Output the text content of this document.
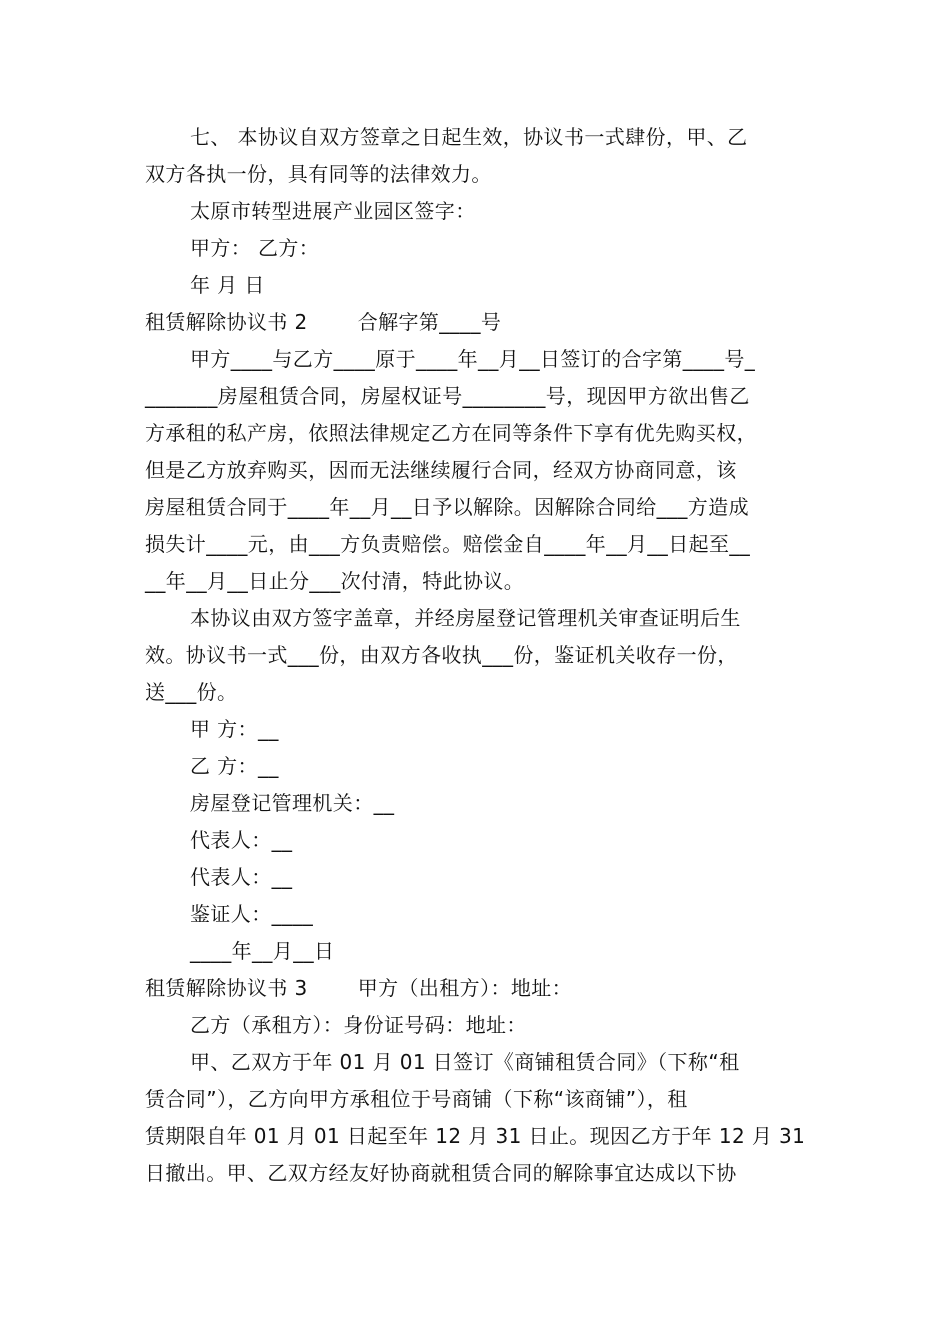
七、 本协议自双方签章之日起生效，协议书一式肆份，甲、乙
双方各执一份，具有同等的法律效力。
太原市转型进展产业园区签字：
甲方： 乙方：
年 月 日
租赁解除协议书 2	合解字第____号
甲方____与乙方____原于____年__月__日签订的合字第____号_
_______房屋租赁合同，房屋权证号________号，现因甲方欲出售乙
方承租的私产房，依照法律规定乙方在同等条件下享有优先购买权，
但是乙方放弃购买，因而无法继续履行合同，经双方协商同意，该
房屋租赁合同于____年__月__日予以解除。因解除合同给___方造成
损失计____元，由___方负责赔偿。赔偿金自____年__月__日起至__
__年__月__日止分___次付清，特此协议。
本协议由双方签字盖章，并经房屋登记管理机关审查证明后生
效。协议书一式___份，由双方各收执___份，鉴证机关收存一份，
送___份。
甲 方：__
乙 方：__
房屋登记管理机关：__
代表人：__
代表人：__
鉴证人：____
____年__月__日
租赁解除协议书 3	甲方（出租方）：地址：
乙方（承租方）：身份证号码：地址：
甲、乙双方于年 01 月 01 日签订《商铺租赁合同》（下称“租
赁合同”），乙方向甲方承租位于号商铺（下称“该商铺”），租
赁期限自年 01 月 01 日起至年 12 月 31 日止。现因乙方于年 12 月 31
日撤出。甲、乙双方经友好协商就租赁合同的解除事宜达成以下协
